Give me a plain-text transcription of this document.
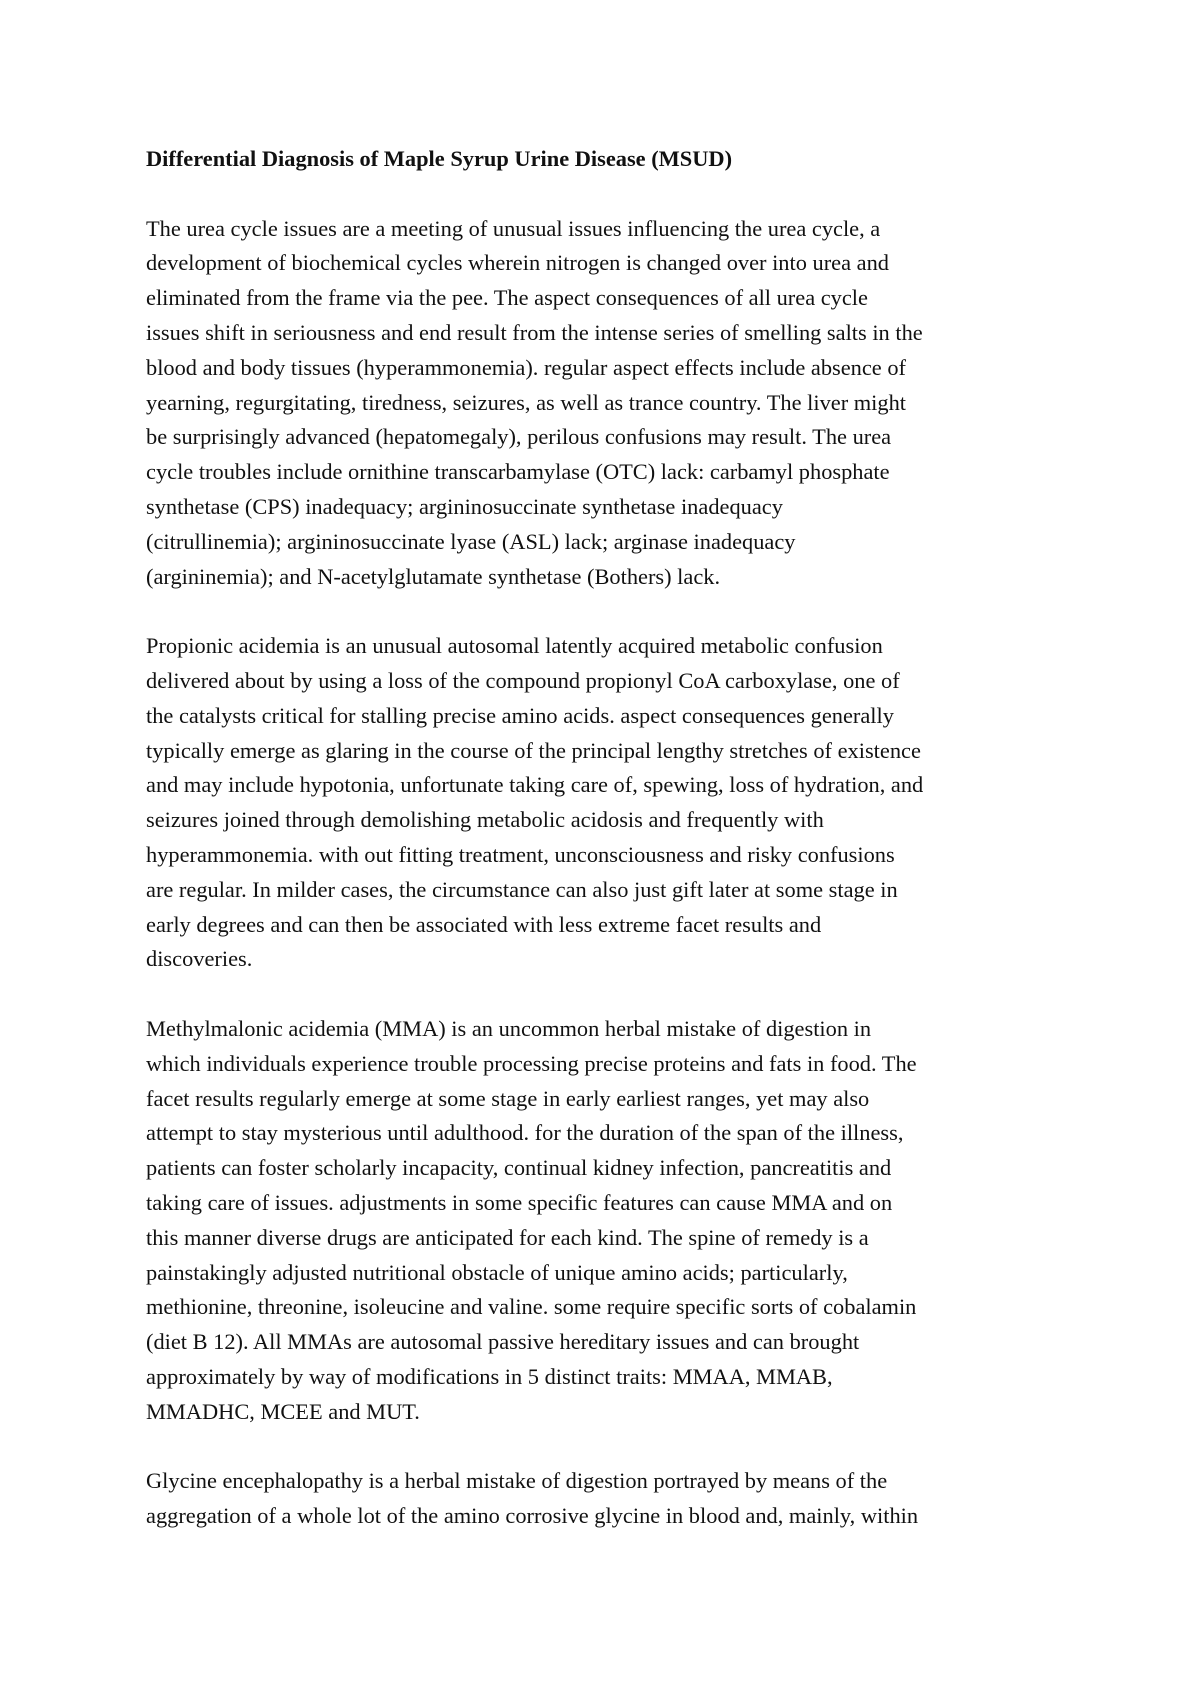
Differential Diagnosis of Maple Syrup Urine Disease (MSUD)
The urea cycle issues are a meeting of unusual issues influencing the urea cycle, a
development of biochemical cycles wherein nitrogen is changed over into urea and
eliminated from the frame via the pee. The aspect consequences of all urea cycle
issues shift in seriousness and end result from the intense series of smelling salts in the
blood and body tissues (hyperammonemia). regular aspect effects include absence of
yearning, regurgitating, tiredness, seizures, as well as trance country. The liver might
be surprisingly advanced (hepatomegaly), perilous confusions may result. The urea
cycle troubles include ornithine transcarbamylase (OTC) lack: carbamyl phosphate
synthetase (CPS) inadequacy; argininosuccinate synthetase inadequacy
(citrullinemia); argininosuccinate lyase (ASL) lack; arginase inadequacy
(argininemia); and N-acetylglutamate synthetase (Bothers) lack.
Propionic acidemia is an unusual autosomal latently acquired metabolic confusion
delivered about by using a loss of the compound propionyl CoA carboxylase, one of
the catalysts critical for stalling precise amino acids. aspect consequences generally
typically emerge as glaring in the course of the principal lengthy stretches of existence
and may include hypotonia, unfortunate taking care of, spewing, loss of hydration, and
seizures joined through demolishing metabolic acidosis and frequently with
hyperammonemia. with out fitting treatment, unconsciousness and risky confusions
are regular. In milder cases, the circumstance can also just gift later at some stage in
early degrees and can then be associated with less extreme facet results and
discoveries.
Methylmalonic acidemia (MMA) is an uncommon herbal mistake of digestion in
which individuals experience trouble processing precise proteins and fats in food. The
facet results regularly emerge at some stage in early earliest ranges, yet may also
attempt to stay mysterious until adulthood. for the duration of the span of the illness,
patients can foster scholarly incapacity, continual kidney infection, pancreatitis and
taking care of issues. adjustments in some specific features can cause MMA and on
this manner diverse drugs are anticipated for each kind. The spine of remedy is a
painstakingly adjusted nutritional obstacle of unique amino acids; particularly,
methionine, threonine, isoleucine and valine. some require specific sorts of cobalamin
(diet B 12). All MMAs are autosomal passive hereditary issues and can brought
approximately by way of modifications in 5 distinct traits: MMAA, MMAB,
MMADHC, MCEE and MUT.
Glycine encephalopathy is a herbal mistake of digestion portrayed by means of the
aggregation of a whole lot of the amino corrosive glycine in blood and, mainly, within
